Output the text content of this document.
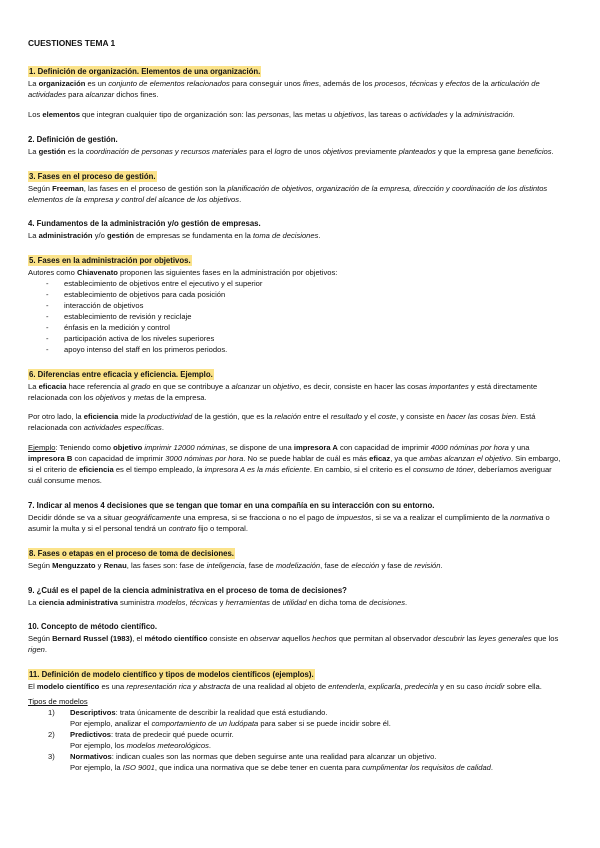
CUESTIONES TEMA 1
1. Definición de organización. Elementos de una organización.

La organización es un conjunto de elementos relacionados para conseguir unos fines, además de los procesos, técnicas y efectos de la articulación de actividades para alcanzar dichos fines.

Los elementos que integran cualquier tipo de organización son: las personas, las metas u objetivos, las tareas o actividades y la administración.

2. Definición de gestión.

La gestión es la coordinación de personas y recursos materiales para el logro de unos objetivos previamente planteados y que la empresa gane beneficios.

3. Fases en el proceso de gestión.

Según Freeman, las fases en el proceso de gestión son la planificación de objetivos, organización de la empresa, dirección y coordinación de los distintos elementos de la empresa y control del alcance de los objetivos.

4. Fundamentos de la administración y/o gestión de empresas.

La administración y/o gestión de empresas se fundamenta en la toma de decisiones.

5. Fases en la administración por objetivos.

Autores como Chiavenato proponen las siguientes fases en la administración por objetivos:

- establecimiento de objetivos entre el ejecutivo y el superior
- establecimiento de objetivos para cada posición
- interacción de objetivos
- establecimiento de revisión y reciclaje
- énfasis en la medición y control
- participación activa de los niveles superiores
- apoyo intenso del staff en los primeros periodos.
6. Diferencias entre eficacia y eficiencia. Ejemplo.

La eficacia hace referencia al grado en que se contribuye a alcanzar un objetivo, es decir, consiste en hacer las cosas importantes y está directamente relacionada con los objetivos y metas de la empresa.

Por otro lado, la eficiencia mide la productividad de la gestión, que es la relación entre el resultado y el coste, y consiste en hacer las cosas bien. Está relacionada con actividades específicas.

Ejemplo: Teniendo como objetivo imprimir 12000 nóminas, se dispone de una impresora A con capacidad de imprimir 4000 nóminas por hora y una impresora B con capacidad de imprimir 3000 nóminas por hora. No se puede hablar de cuál es más eficaz, ya que ambas alcanzan el objetivo. Sin embargo, si el criterio de eficiencia es el tiempo empleado, la impresora A es la más eficiente. En cambio, si el criterio es el consumo de tóner, deberíamos averiguar cuál consume menos.

7. Indicar al menos 4 decisiones que se tengan que tomar en una compañía en su interacción con su entorno.

Decidir dónde se va a situar geográficamente una empresa, si se fracciona o no el pago de impuestos, si se va a realizar el cumplimiento de la normativa o asumir la multa y si el personal tendrá un contrato fijo o temporal.

8. Fases o etapas en el proceso de toma de decisiones.

Según Menguzzato y Renau, las fases son: fase de inteligencia, fase de modelización, fase de elección y fase de revisión.

9. ¿Cuál es el papel de la ciencia administrativa en el proceso de toma de decisiones?

La ciencia administrativa suministra modelos, técnicas y herramientas de utilidad en dicha toma de decisiones.

10. Concepto de método científico.

Según Bernard Russel (1983), el método científico consiste en observar aquellos hechos que permitan al observador descubrir las leyes generales que los rigen.

11. Definición de modelo científico y tipos de modelos científicos (ejemplos).

El modelo científico es una representación rica y abstracta de una realidad al objeto de entenderla, explicarla, predecirla y en su caso incidir sobre ella.

Tipos de modelos
1) Descriptivos: trata únicamente de describir la realidad que está estudiando.
Por ejemplo, analizar el comportamiento de un ludópata para saber si se puede incidir sobre él.
2) Predictivos: trata de predecir qué puede ocurrir.
Por ejemplo, los modelos meteorológicos.
3) Normativos: indican cuales son las normas que deben seguirse ante una realidad para alcanzar un objetivo.
Por ejemplo, la ISO 9001, que indica una normativa que se debe tener en cuenta para cumplimentar los requisitos de calidad.
